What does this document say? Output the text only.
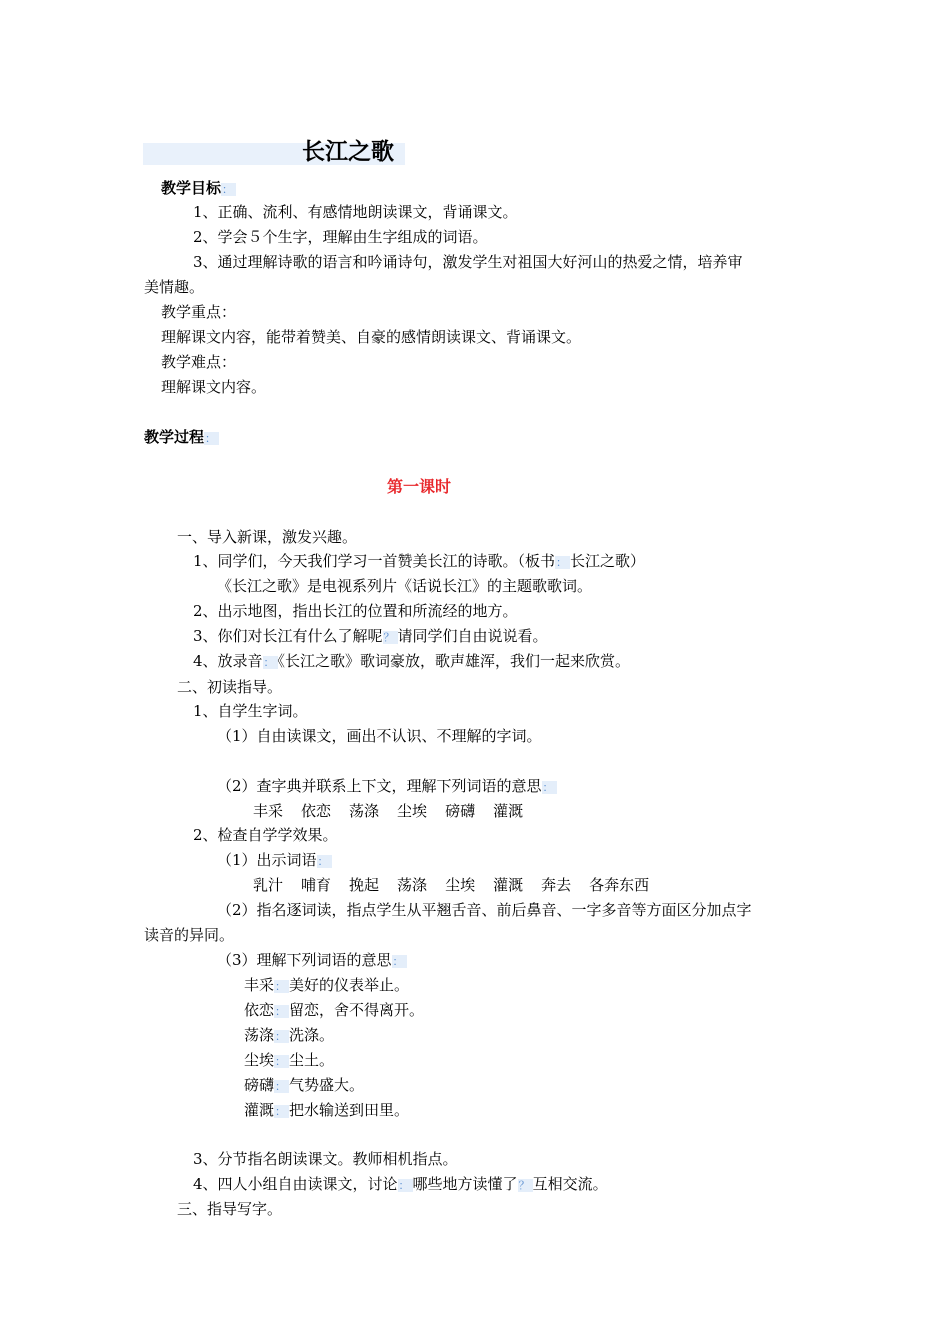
长江之歌
教学目标：
1、正确、流利、有感情地朗读课文，背诵课文。
2、学会５个生字，理解由生字组成的词语。
3、通过理解诗歌的语言和吟诵诗句，激发学生对祖国大好河山的热爱之情，培养审
美情趣。
教学重点：
理解课文内容，能带着赞美、自豪的感情朗读课文、背诵课文。
教学难点：
理解课文内容。
教学过程：
第一课时
一、导入新课，激发兴趣。
1、同学们，今天我们学习一首赞美长江的诗歌。（板书： 长江之歌）
《长江之歌》是电视系列片《话说长江》的主题歌歌词。
2、出示地图，指出长江的位置和所流经的地方。
3、你们对长江有什么了解呢？ 请同学们自由说说看。
4、放录音： 《长江之歌》歌词豪放，歌声雄浑，我们一起来欣赏。
二、初读指导。
1、自学生字词。
（1）自由读课文，画出不认识、不理解的字词。
（2）查字典并联系上下文，理解下列词语的意思：
丰采 依恋 荡涤 尘埃 磅礴 灌溉
2、检查自学学效果。
（1）出示词语：
乳汁 哺育 挽起 荡涤 尘埃 灌溉 奔去 各奔东西
（2）指名逐词读，指点学生从平翘舌音、前后鼻音、一字多音等方面区分加点字
读音的异同。
（3）理解下列词语的意思：
丰采： 美好的仪表举止。
依恋： 留恋，舍不得离开。
荡涤： 洗涤。
尘埃： 尘土。
磅礴： 气势盛大。
灌溉： 把水输送到田里。
3、分节指名朗读课文。教师相机指点。
4、四人小组自由读课文，讨论： 哪些地方读懂了？ 互相交流。
三、指导写字。
